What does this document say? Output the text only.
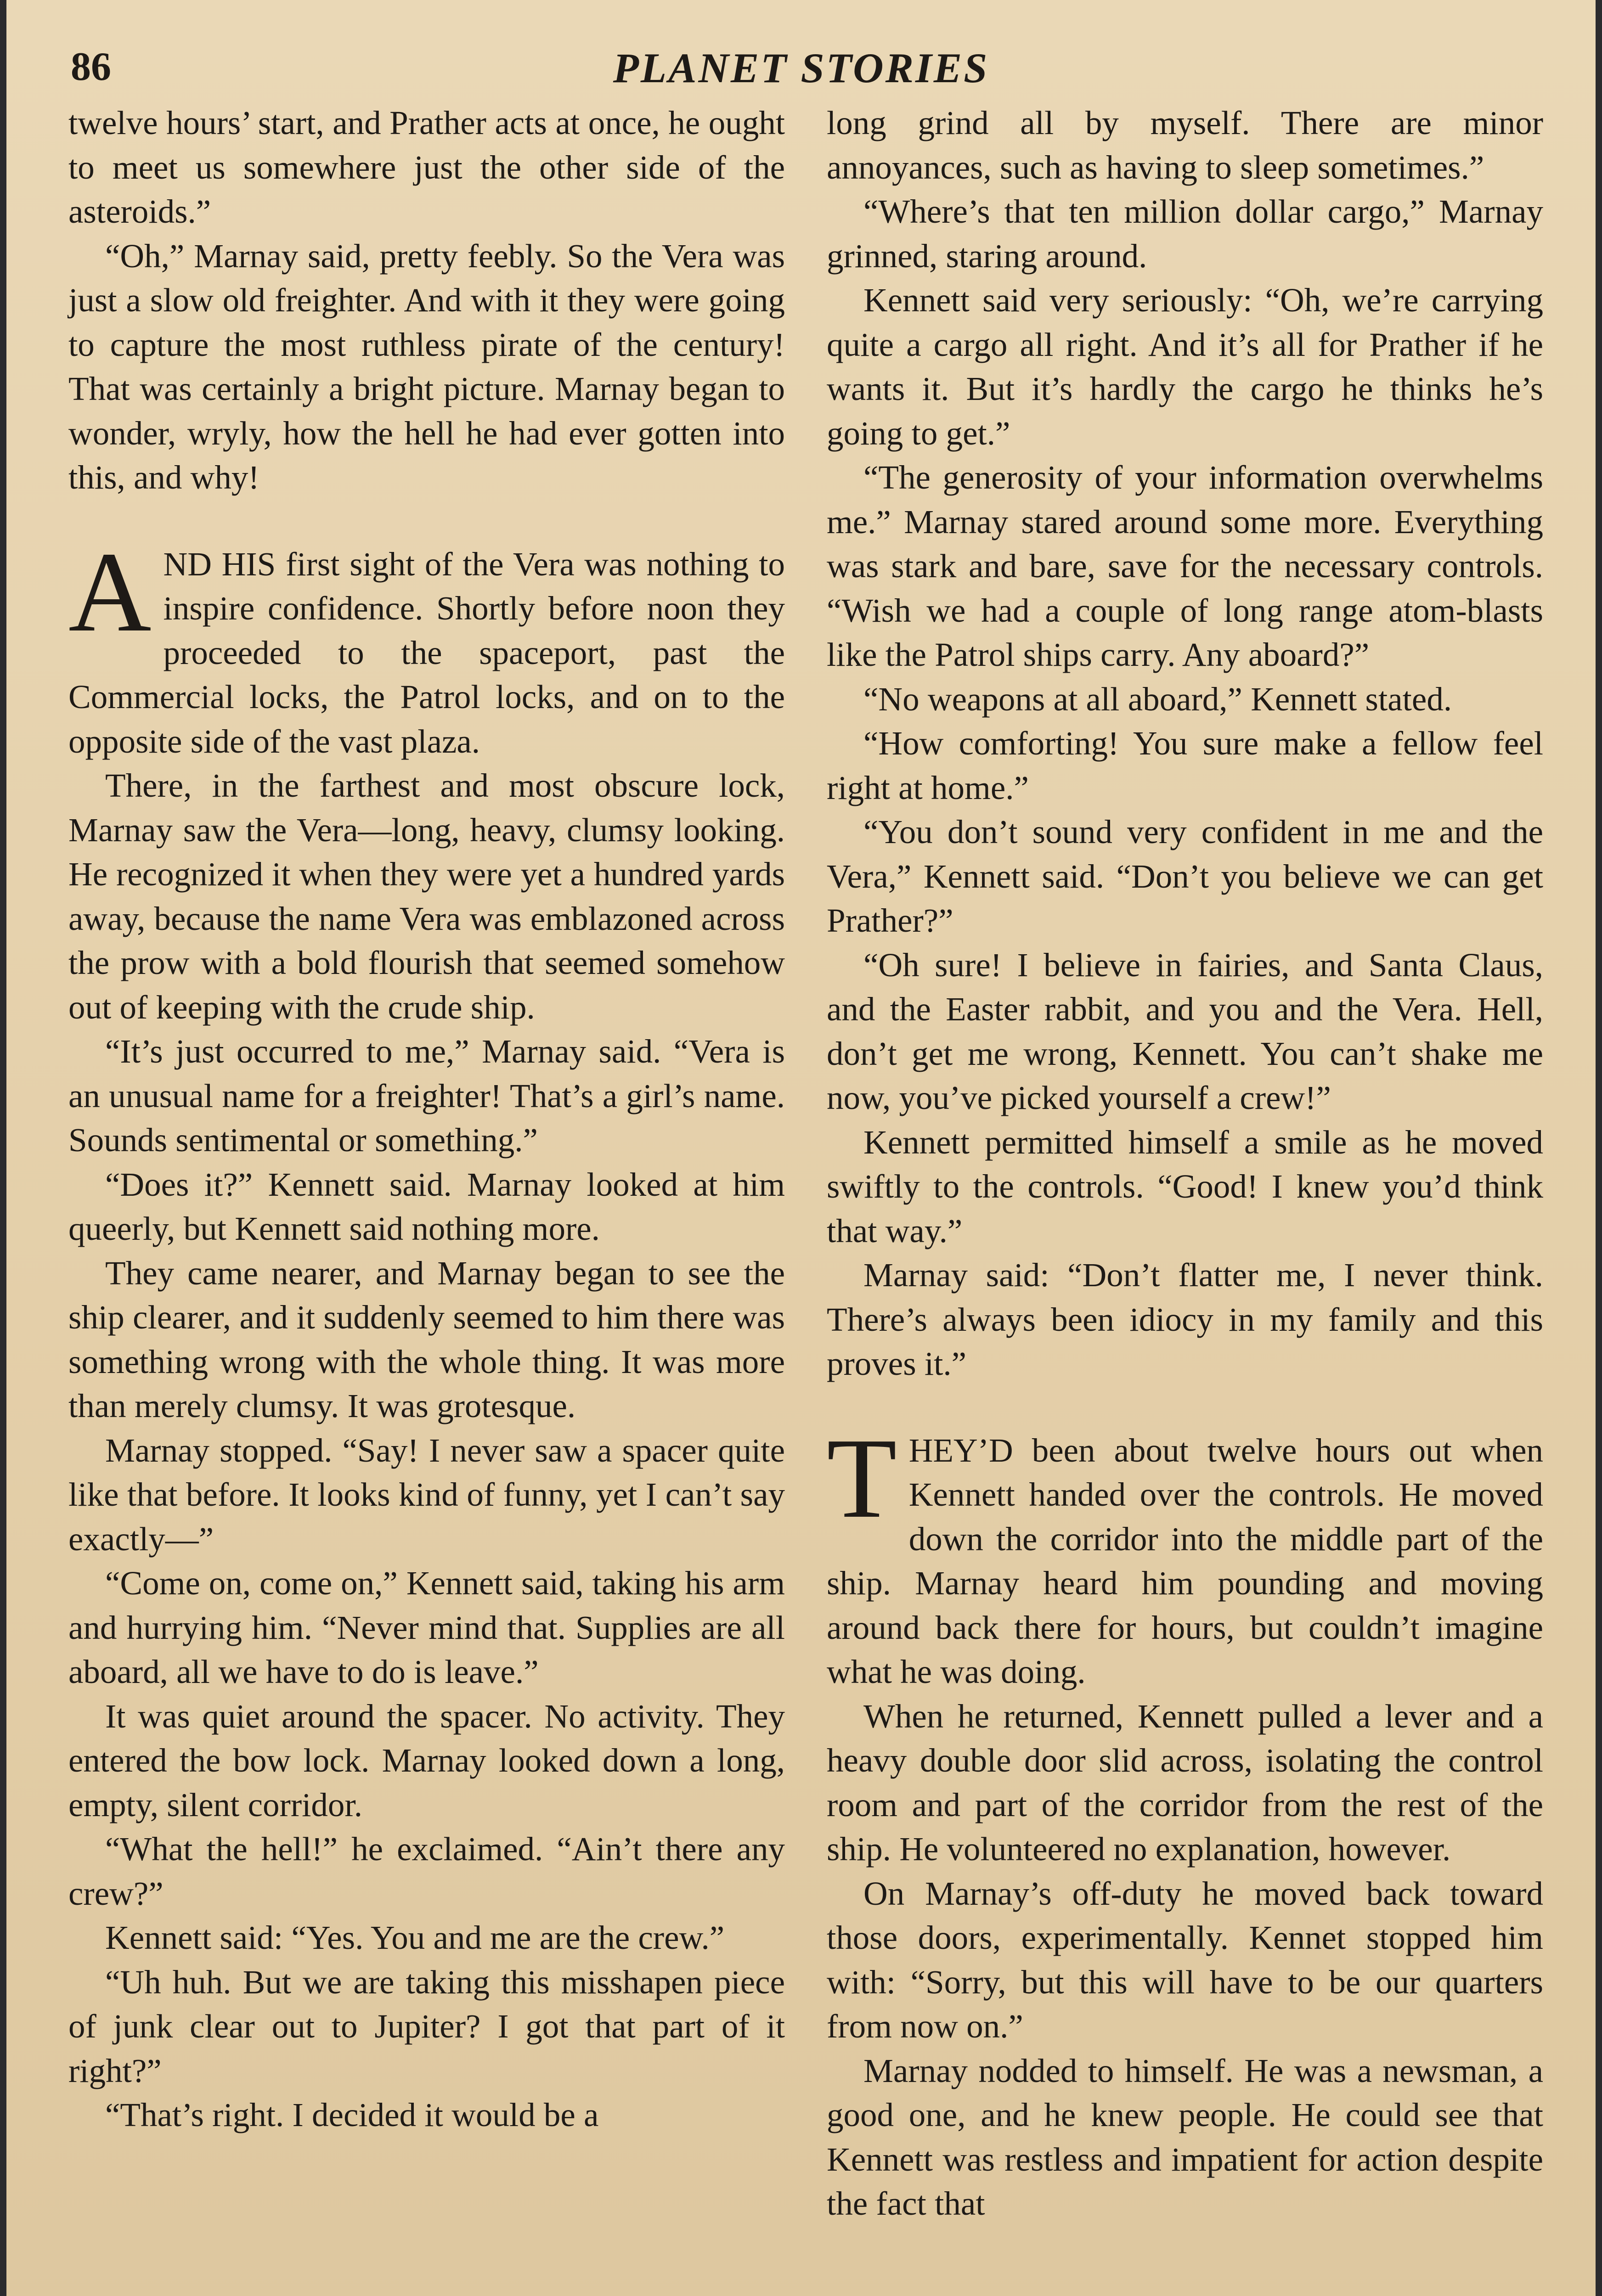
86	PLANET STORIES

twelve hours’ start, and Prather acts at once, he ought to meet us somewhere just the other side of the asteroids.”

“Oh,” Marnay said, pretty feebly. So the Vera was just a slow old freighter. And with it they were going to capture the most ruthless pirate of the century! That was certainly a bright picture. Marnay began to wonder, wryly, how the hell he had ever gotten into this, and why!

AND HIS first sight of the Vera was nothing to inspire confidence. Shortly before noon they proceeded to the spaceport, past the Commercial locks, the Patrol locks, and on to the opposite side of the vast plaza.

There, in the farthest and most obscure lock, Marnay saw the Vera—long, heavy, clumsy looking. He recognized it when they were yet a hundred yards away, because the name Vera was emblazoned across the prow with a bold flourish that seemed somehow out of keeping with the crude ship.

“It’s just occurred to me,” Marnay said. “Vera is an unusual name for a freighter! That’s a girl’s name. Sounds sentimental or something.”

“Does it?” Kennett said. Marnay looked at him queerly, but Kennett said nothing more.

They came nearer, and Marnay began to see the ship clearer, and it suddenly seemed to him there was something wrong with the whole thing. It was more than merely clumsy. It was grotesque.

Marnay stopped. “Say! I never saw a spacer quite like that before. It looks kind of funny, yet I can’t say exactly—”

“Come on, come on,” Kennett said, taking his arm and hurrying him. “Never mind that. Supplies are all aboard, all we have to do is leave.”

It was quiet around the spacer. No activity. They entered the bow lock. Marnay looked down a long, empty, silent corridor.

“What the hell!” he exclaimed. “Ain’t there any crew?”

Kennett said: “Yes. You and me are the crew.”

“Uh huh. But we are taking this misshapen piece of junk clear out to Jupiter? I got that part of it right?”

“That’s right. I decided it would be a

long grind all by myself. There are minor annoyances, such as having to sleep sometimes.”

“Where’s that ten million dollar cargo,” Marnay grinned, staring around.

Kennett said very seriously: “Oh, we’re carrying quite a cargo all right. And it’s all for Prather if he wants it. But it’s hardly the cargo he thinks he’s going to get.”

“The generosity of your information overwhelms me.” Marnay stared around some more. Everything was stark and bare, save for the necessary controls. “Wish we had a couple of long range atom-blasts like the Patrol ships carry. Any aboard?”

“No weapons at all aboard,” Kennett stated.

“How comforting! You sure make a fellow feel right at home.”

“You don’t sound very confident in me and the Vera,” Kennett said. “Don’t you believe we can get Prather?”

“Oh sure! I believe in fairies, and Santa Claus, and the Easter rabbit, and you and the Vera. Hell, don’t get me wrong, Kennett. You can’t shake me now, you’ve picked yourself a crew!”

Kennett permitted himself a smile as he moved swiftly to the controls. “Good! I knew you’d think that way.”

Marnay said: “Don’t flatter me, I never think. There’s always been idiocy in my family and this proves it.”

THEY’D been about twelve hours out when Kennett handed over the controls. He moved down the corridor into the middle part of the ship. Marnay heard him pounding and moving around back there for hours, but couldn’t imagine what he was doing.

When he returned, Kennett pulled a lever and a heavy double door slid across, isolating the control room and part of the corridor from the rest of the ship. He volunteered no explanation, however.

On Marnay’s off-duty he moved back toward those doors, experimentally. Kennet stopped him with: “Sorry, but this will have to be our quarters from now on.”

Marnay nodded to himself. He was a newsman, a good one, and he knew people. He could see that Kennett was restless and impatient for action despite the fact that
